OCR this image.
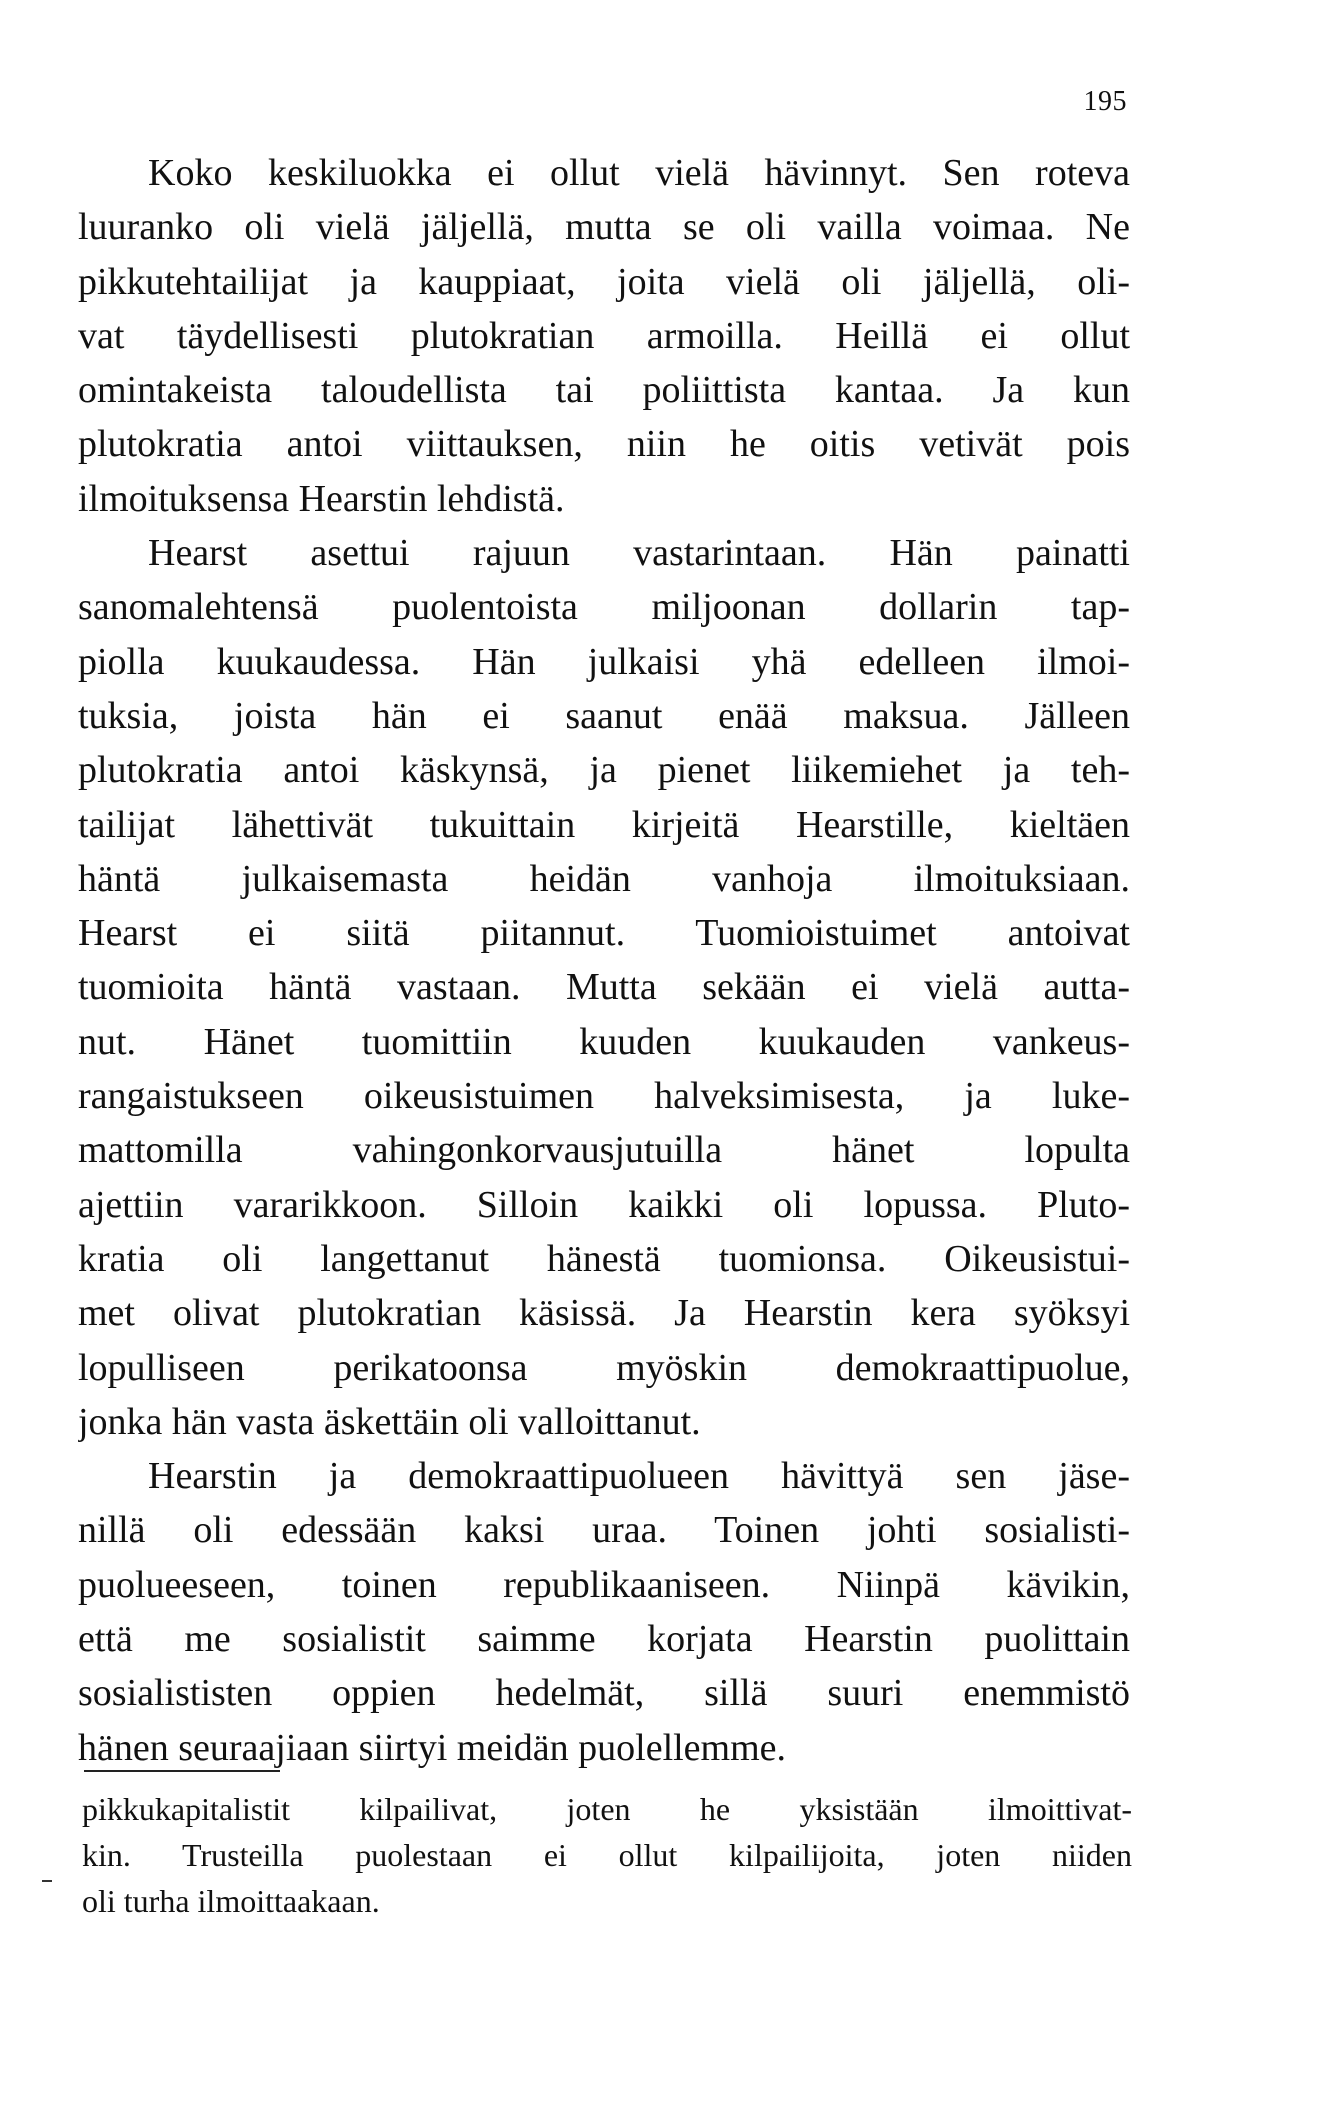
195
Koko keskiluokka ei ollut vielä hävinnyt. Sen roteva
luuranko oli vielä jäljellä, mutta se oli vailla voimaa. Ne
pikkutehtailijat ja kauppiaat, joita vielä oli jäljellä, oli-
vat täydellisesti plutokratian armoilla. Heillä ei ollut
omintakeista taloudellista tai poliittista kantaa. Ja kun
plutokratia antoi viittauksen, niin he oitis vetivät pois
ilmoituksensa Hearstin lehdistä.
Hearst asettui rajuun vastarintaan. Hän painatti
sanomalehtensä puolentoista miljoonan dollarin tap-
piolla kuukaudessa. Hän julkaisi yhä edelleen ilmoi-
tuksia, joista hän ei saanut enää maksua. Jälleen
plutokratia antoi käskynsä, ja pienet liikemiehet ja teh-
tailijat lähettivät tukuittain kirjeitä Hearstille, kieltäen
häntä julkaisemasta heidän vanhoja ilmoituksiaan.
Hearst ei siitä piitannut. Tuomioistuimet antoivat
tuomioita häntä vastaan. Mutta sekään ei vielä autta-
nut. Hänet tuomittiin kuuden kuukauden vankeus-
rangaistukseen oikeusistuimen halveksimisesta, ja luke-
mattomilla vahingonkorvausjutuilla hänet lopulta
ajettiin vararikkoon. Silloin kaikki oli lopussa. Pluto-
kratia oli langettanut hänestä tuomionsa. Oikeusistui-
met olivat plutokratian käsissä. Ja Hearstin kera syöksyi
lopulliseen perikatoonsa myöskin demokraattipuolue,
jonka hän vasta äskettäin oli valloittanut.
Hearstin ja demokraattipuolueen hävittyä sen jäse-
nillä oli edessään kaksi uraa. Toinen johti sosialisti-
puolueeseen, toinen republikaaniseen. Niinpä kävikin,
että me sosialistit saimme korjata Hearstin puolittain
sosialististen oppien hedelmät, sillä suuri enemmistö
hänen seuraajiaan siirtyi meidän puolellemme.
pikkukapitalistit kilpailivat, joten he yksistään ilmoittivat-
kin. Trusteilla puolestaan ei ollut kilpailijoita, joten niiden
oli turha ilmoittaakaan.
